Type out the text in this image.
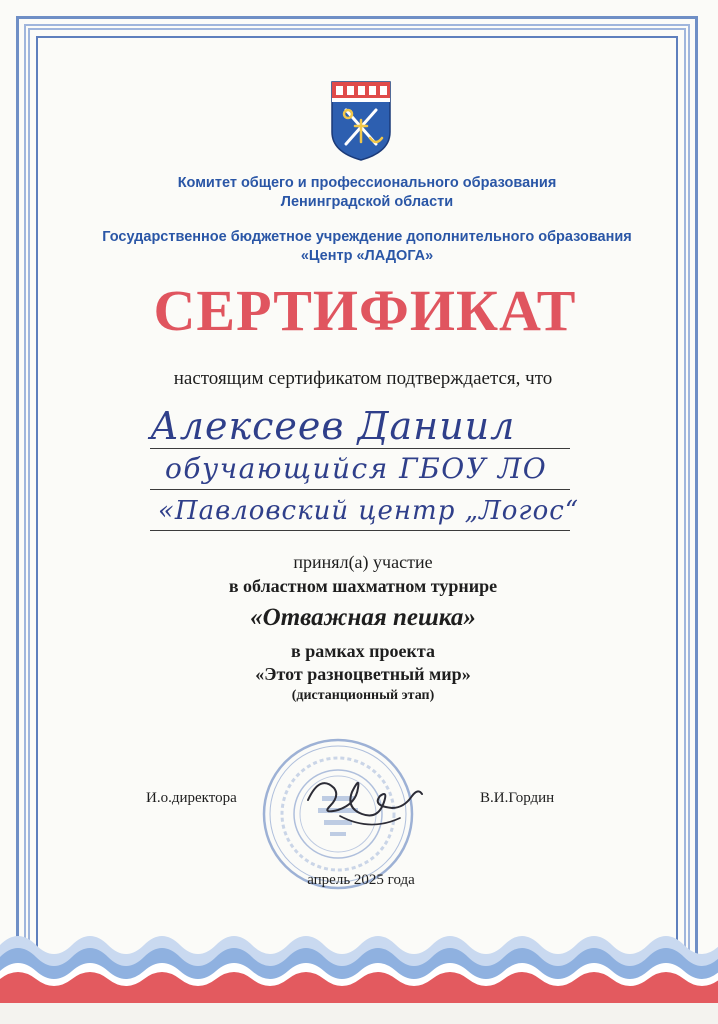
Комитет общего и профессионального образования
Ленинградской области
Государственное бюджетное учреждение дополнительного образования
«Центр «ЛАДОГА»
СЕРТИФИКАТ
настоящим сертификатом подтверждается, что
Алексеев Даниил
обучающийся ГБОУ ЛО
«Павловский центр „Логос“
принял(а) участие
в областном шахматном турнире
«Отважная пешка»
в рамках проекта
«Этот разноцветный мир»
(дистанционный этап)
И.о.директора	В.И.Гордин
апрель 2025 года
